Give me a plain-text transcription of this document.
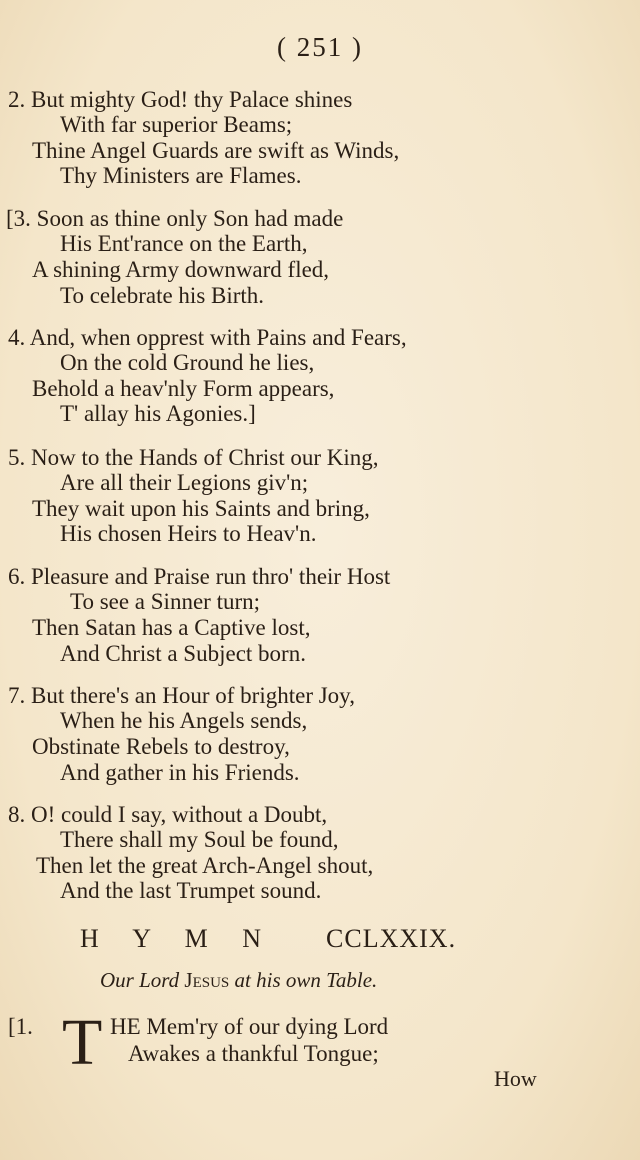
( 251 )
2. But mighty God! thy Palace shines
With far superior Beams;
Thine Angel Guards are swift as Winds,
Thy Ministers are Flames.
[3. Soon as thine only Son had made
His Ent'rance on the Earth,
A shining Army downward fled,
To celebrate his Birth.
4. And, when opprest with Pains and Fears,
On the cold Ground he lies,
Behold a heav'nly Form appears,
T' allay his Agonies.]
5. Now to the Hands of Christ our King,
Are all their Legions giv'n;
They wait upon his Saints and bring,
His chosen Heirs to Heav'n.
6. Pleasure and Praise run thro' their Host
To see a Sinner turn;
Then Satan has a Captive lost,
And Christ a Subject born.
7. But there's an Hour of brighter Joy,
When he his Angels sends,
Obstinate Rebels to destroy,
And gather in his Friends.
8. O! could I say, without a Doubt,
There shall my Soul be found,
Then let the great Arch-Angel shout,
And the last Trumpet sound.
H Y M N CCLXXIX.
Our Lord Jesus at his own Table.
[1. T HE Mem'ry of our dying Lord
Awakes a thankful Tongue;
How
